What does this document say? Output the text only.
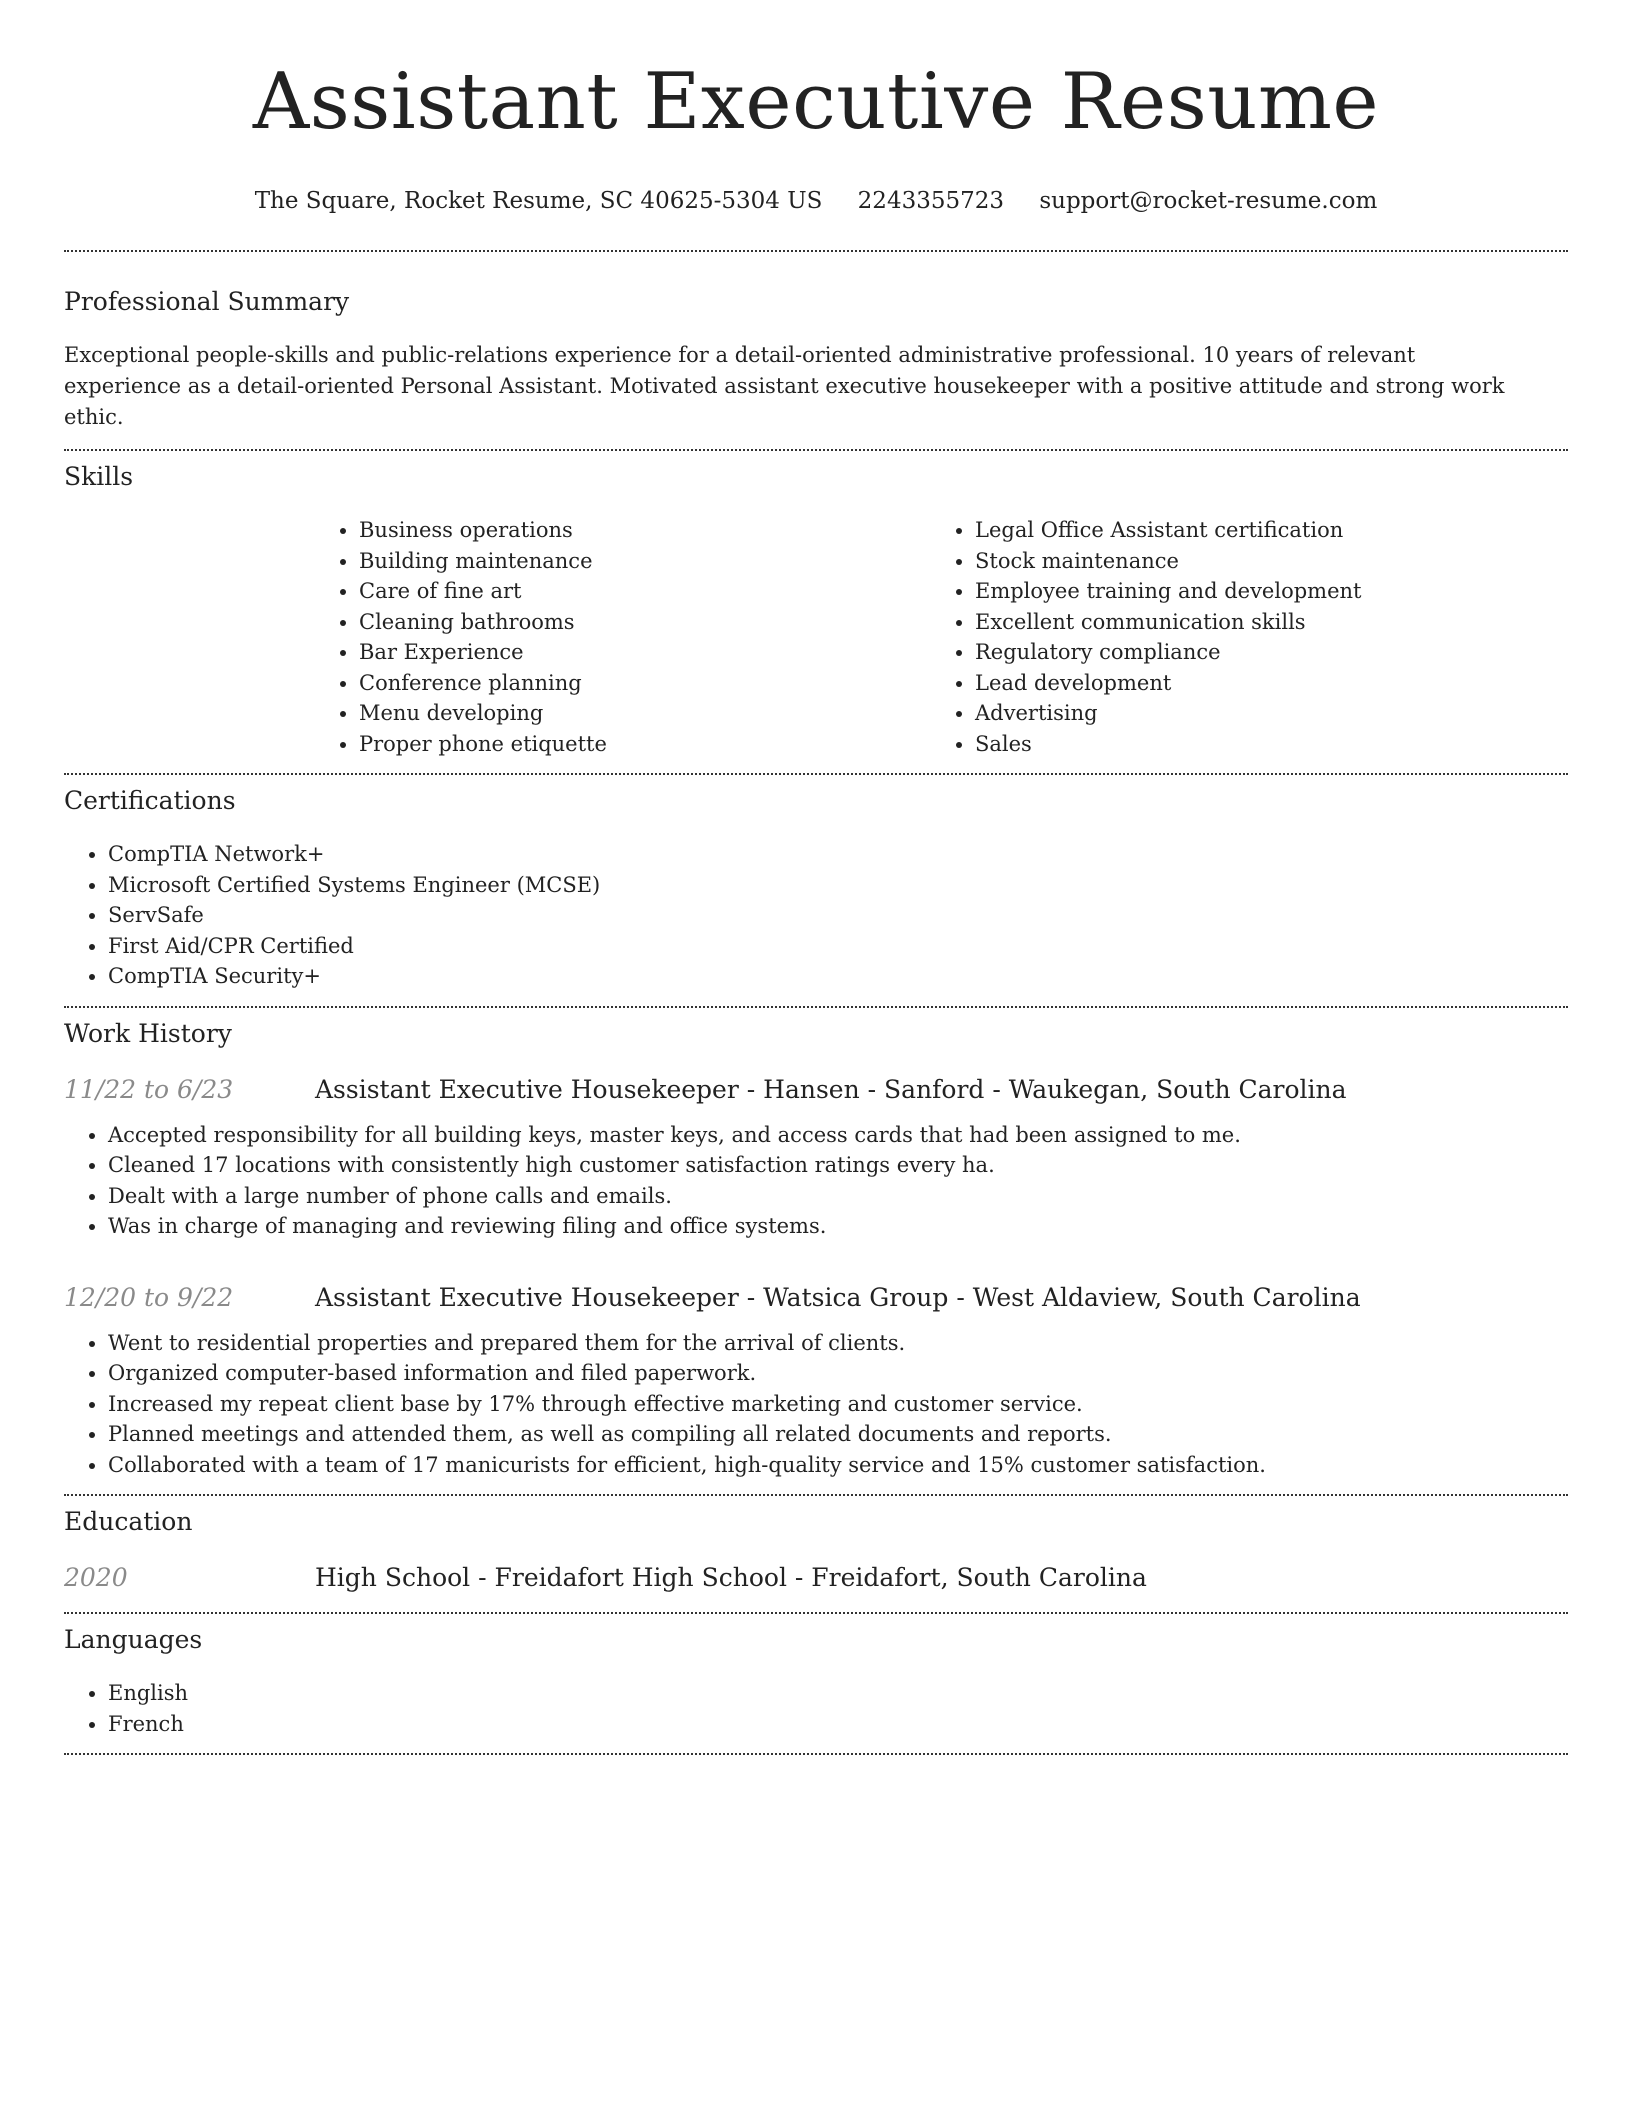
Assistant Executive Resume
The Square, Rocket Resume, SC 40625-5304 US 2243355723 support@rocket-resume.com
Professional Summary

Exceptional people-skills and public-relations experience for a detail-oriented administrative professional. 10 years of relevant experience as a detail-oriented Personal Assistant. Motivated assistant executive housekeeper with a positive attitude and strong work ethic.

Skills
• Business operations
• Building maintenance
• Care of fine art
• Cleaning bathrooms
• Bar Experience
• Conference planning
• Menu developing
• Proper phone etiquette
• Legal Office Assistant certification
• Stock maintenance
• Employee training and development
• Excellent communication skills
• Regulatory compliance
• Lead development
• Advertising
• Sales
Certifications
• CompTIA Network+
• Microsoft Certified Systems Engineer (MCSE)
• ServSafe
• First Aid/CPR Certified
• CompTIA Security+
Work History
11/22 to 6/23	Assistant Executive Housekeeper - Hansen - Sanford - Waukegan, South Carolina
• Accepted responsibility for all building keys, master keys, and access cards that had been assigned to me.
• Cleaned 17 locations with consistently high customer satisfaction ratings every ha.
• Dealt with a large number of phone calls and emails.
• Was in charge of managing and reviewing filing and office systems.
12/20 to 9/22	Assistant Executive Housekeeper - Watsica Group - West Aldaview, South Carolina
• Went to residential properties and prepared them for the arrival of clients.
• Organized computer-based information and filed paperwork.
• Increased my repeat client base by 17% through effective marketing and customer service.
• Planned meetings and attended them, as well as compiling all related documents and reports.
• Collaborated with a team of 17 manicurists for efficient, high-quality service and 15% customer satisfaction.
Education
2020	High School - Freidafort High School - Freidafort, South Carolina
Languages
• English
• French
